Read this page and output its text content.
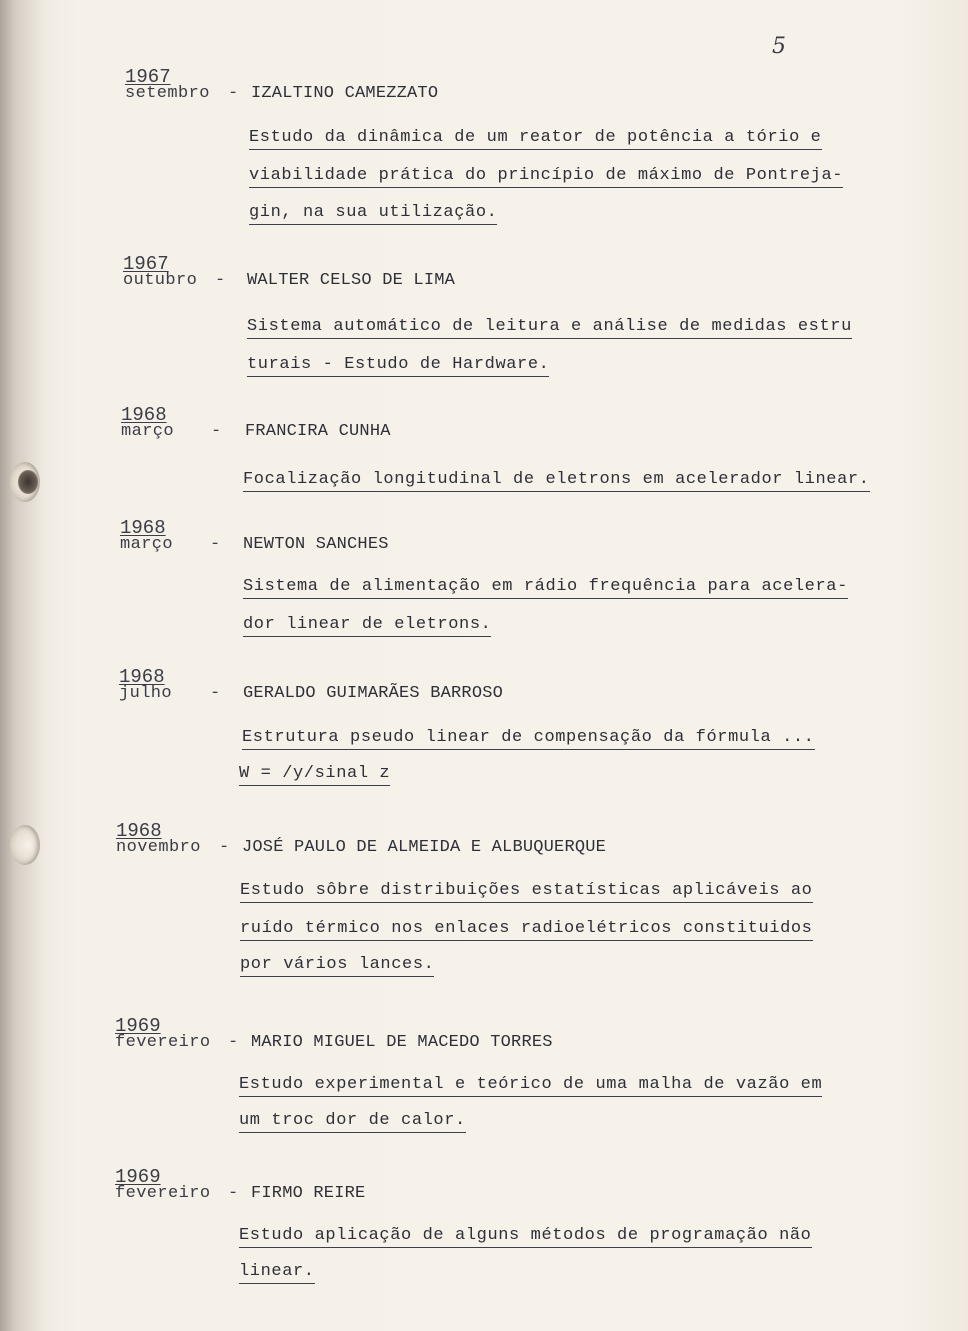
5
1967
setembro - IZALTINO CAMEZZATO
Estudo da dinâmica de um reator de potência a tório e
viabilidade prática do princípio de máximo de Pontreja-
gin, na sua utilização.
1967
outubro - WALTER CELSO DE LIMA
Sistema automático de leitura e análise de medidas estru
turais - Estudo de Hardware.
1968
março - FRANCIRA CUNHA
Focalização longitudinal de eletrons em acelerador linear.
1968
março - NEWTON SANCHES
Sistema de alimentação em rádio frequência para acelera-
dor linear de eletrons.
1968
julho - GERALDO GUIMARÃES BARROSO
Estrutura pseudo linear de compensação da fórmula ...
W = /y/sinal z
1968
novembro - JOSÉ PAULO DE ALMEIDA E ALBUQUERQUE
Estudo sôbre distribuições estatísticas aplicáveis ao
ruído térmico nos enlaces radioelétricos constituidos
por vários lances.
1969
fevereiro - MARIO MIGUEL DE MACEDO TORRES
Estudo experimental e teórico de uma malha de vazão em
um troc dor de calor.
1969
fevereiro - FIRMO REIRE
Estudo aplicação de alguns métodos de programação não
linear.
